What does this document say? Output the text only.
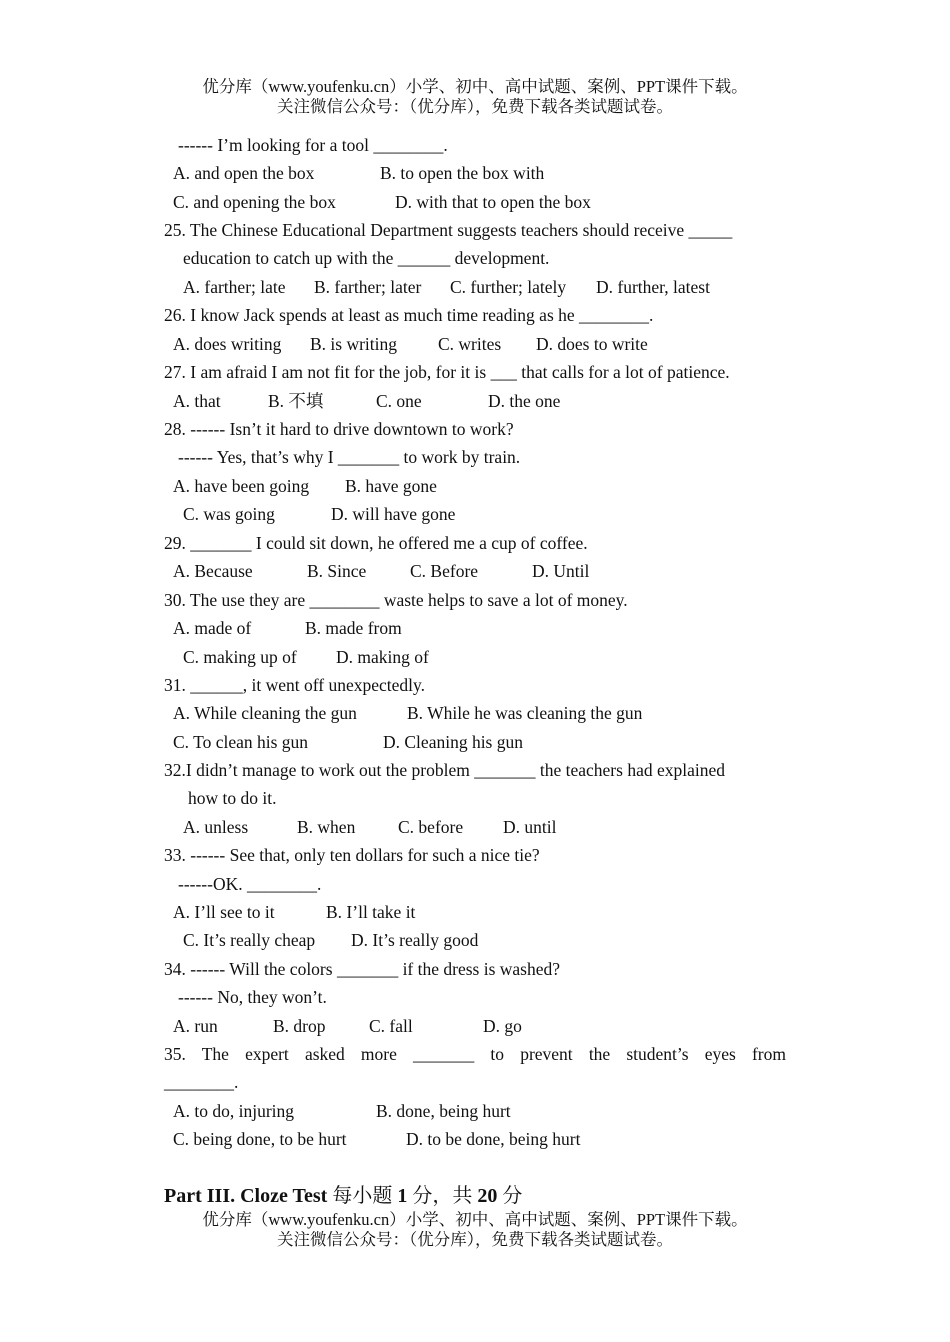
优分库（www.youfenku.cn）小学、初中、高中试题、案例、PPT课件下载。
关注微信公众号：（优分库），免费下载各类试题试卷。
------ I’m looking for a tool ________.
A. and open the box	B. to open the box with
C. and opening the box	D. with that to open the box
25. The Chinese Educational Department suggests teachers should receive _____
education to catch up with the ______ development.
A. farther; late B. farther; later C. further; lately D. further, latest
26. I know Jack spends at least as much time reading as he ________.
A. does writing B. is writing C. writes D. does to write
27. I am afraid I am not fit for the job, for it is ___ that calls for a lot of patience.
A. that	B. 不填	C. one	D. the one
28. ------ Isn’t it hard to drive downtown to work?
------ Yes, that’s why I _______ to work by train.
A. have been going B. have gone
C. was going	D. will have gone
29. _______ I could sit down, he offered me a cup of coffee.
A. Because	B. Since C. Before	D. Until
30. The use they are ________ waste helps to save a lot of money.
A. made of	B. made from
C. making up of D. making of
31. ______, it went off unexpectedly.
A. While cleaning the gun	B. While he was cleaning the gun
C. To clean his gun	D. Cleaning his gun
32.I didn’t manage to work out the problem _______ the teachers had explained
how to do it.
A. unless	B. when C. before D. until
33. ------ See that, only ten dollars for such a nice tie?
------OK. ________.
A. I’ll see to it	B. I’ll take it
C. It’s really cheap D. It’s really good
34. ------ Will the colors _______ if the dress is washed?
------ No, they won’t.
A. run	B. drop C. fall	D. go
35. The expert asked more _______ to prevent the student’s eyes from
________.
A. to do, injuring	B. done, being hurt
C. being done, to be hurt	D. to be done, being hurt
Part III. Cloze Test 每小题 1 分，共 20 分
优分库（www.youfenku.cn）小学、初中、高中试题、案例、PPT课件下载。
关注微信公众号：（优分库），免费下载各类试题试卷。
